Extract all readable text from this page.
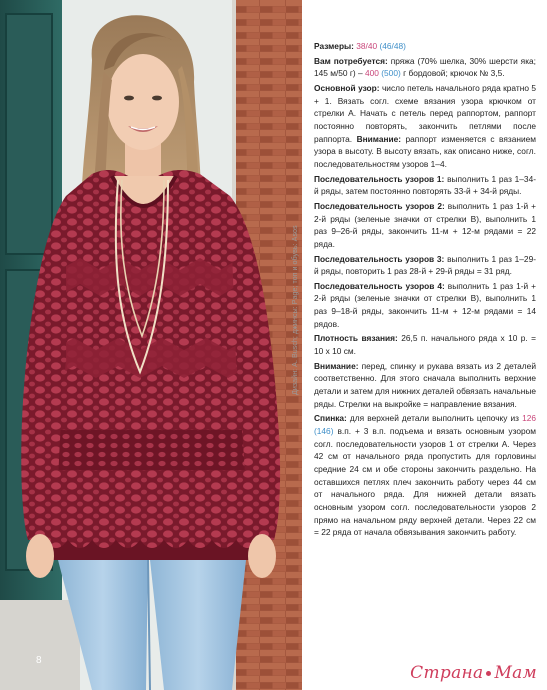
Дизайн: A. Busch; джинсы: Page; топ и обувь: Asos
8

Размеры: 38/40 (46/48)

Вам потребуется: пряжа (70% шелка, 30% шерсти яка; 145 м/50 г) – 400 (500) г бордовой; крючок № 3,5.

Основной узор: число петель начального ряда кратно 5 + 1. Вязать согл. схеме вязания узора крючком от стрелки А. Начать с петель перед раппортом, раппорт постоянно повторять, закончить петлями после раппорта. Внимание: раппорт изменяется с вязанием узора в высоту. В высоту вязать, как описано ниже, согл. последовательностям узоров 1–4.

Последовательность узоров 1: выполнить 1 раз 1–34-й ряды, затем постоянно повторять 33-й + 34-й ряды.

Последовательность узоров 2: выполнить 1 раз 1-й + 2-й ряды (зеленые значки от стрелки В), выполнить 1 раз 9–26-й ряды, закончить 11-м + 12-м рядами = 22 ряда.

Последовательность узоров 3: выполнить 1 раз 1–29-й ряды, повторить 1 раз 28-й + 29-й ряды = 31 ряд.

Последовательность узоров 4: выполнить 1 раз 1-й + 2-й ряды (зеленые значки от стрелки В), выполнить 1 раз 9–18-й ряды, закончить 11-м + 12-м рядами = 14 рядов.

Плотность вязания: 26,5 п. начального ряда х 10 р. = 10 х 10 см.

Внимание: перед, спинку и рукава вязать из 2 деталей соответственно. Для этого сначала выполнить верхние детали и затем для нижних деталей обвязать начальные ряды. Стрелки на выкройке = направление вязания.

Спинка: для верхней детали выполнить цепочку из 126 (146) в.п. + 3 в.п. подъема и вязать основным узором согл. последовательности узоров 1 от стрелки А. Через 42 см от начального ряда пропустить для горловины средние 24 см и обе стороны закончить раздельно. На оставшихся петлях плеч закончить работу через 44 см от начального ряда. Для нижней детали вязать основным узором согл. последовательности узоров 2 прямо на начальном ряду верхней детали. Через 22 см = 22 ряда от начала обвязывания закончить работу.

Страна Мам
